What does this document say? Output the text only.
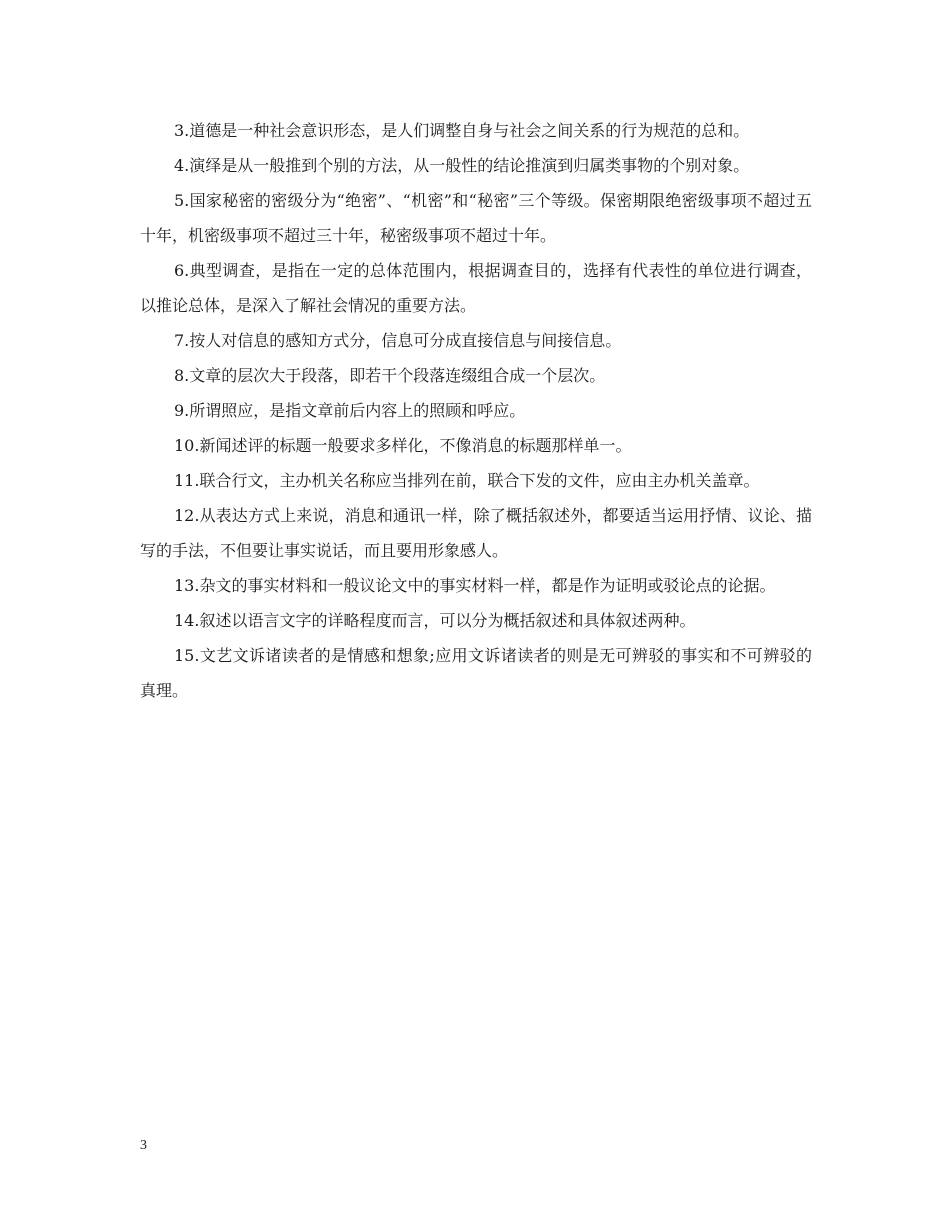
3.道德是一种社会意识形态，是人们调整自身与社会之间关系的行为规范的总和。

4.演绎是从一般推到个别的方法，从一般性的结论推演到归属类事物的个别对象。

5.国家秘密的密级分为“绝密”、“机密”和“秘密”三个等级。保密期限绝密级事项不超过五十年，机密级事项不超过三十年，秘密级事项不超过十年。

6.典型调查，是指在一定的总体范围内，根据调查目的，选择有代表性的单位进行调查，以推论总体，是深入了解社会情况的重要方法。

7.按人对信息的感知方式分，信息可分成直接信息与间接信息。

8.文章的层次大于段落，即若干个段落连缀组合成一个层次。

9.所谓照应，是指文章前后内容上的照顾和呼应。

10.新闻述评的标题一般要求多样化，不像消息的标题那样单一。

11.联合行文，主办机关名称应当排列在前，联合下发的文件，应由主办机关盖章。

12.从表达方式上来说，消息和通讯一样，除了概括叙述外，都要适当运用抒情、议论、描写的手法，不但要让事实说话，而且要用形象感人。

13.杂文的事实材料和一般议论文中的事实材料一样，都是作为证明或驳论点的论据。

14.叙述以语言文字的详略程度而言，可以分为概括叙述和具体叙述两种。

15.文艺文诉诸读者的是情感和想象;应用文诉诸读者的则是无可辨驳的事实和不可辨驳的真理。

3
